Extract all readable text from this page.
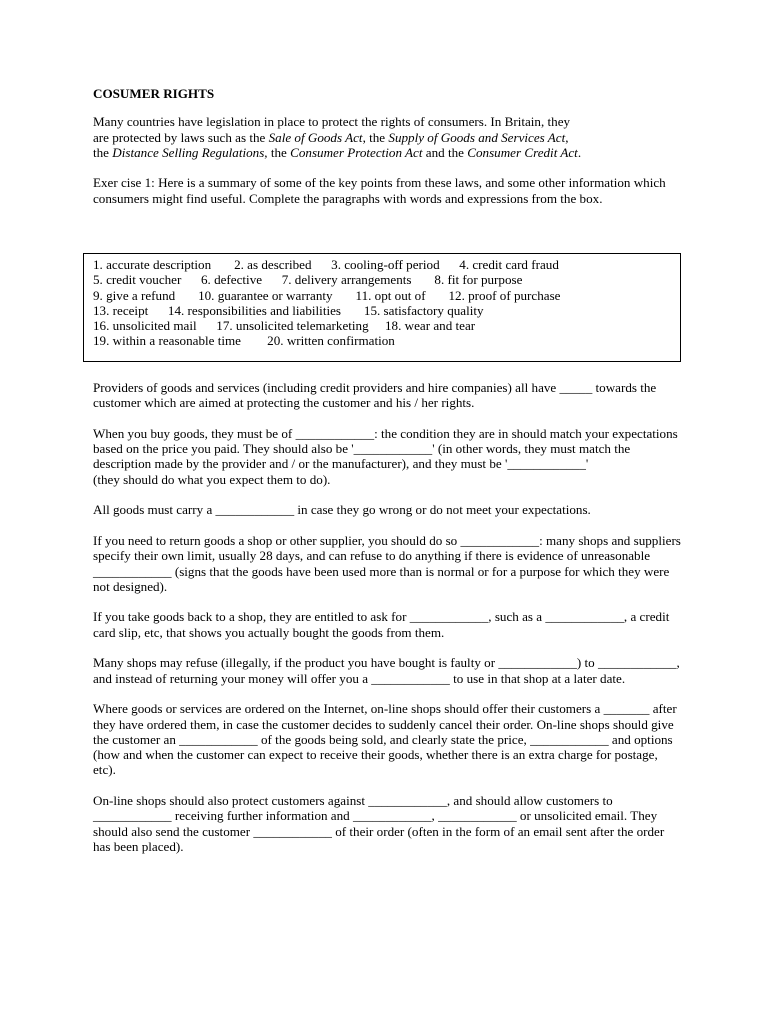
COSUMER RIGHTS

Many countries have legislation in place to protect the rights of consumers. In Britain, they
are protected by laws such as the Sale of Goods Act, the Supply of Goods and Services Act,
the Distance Selling Regulations, the Consumer Protection Act and the Consumer Credit Act.

Exer cise 1: Here is a summary of some of the key points from these laws, and some other information which consumers might find useful. Complete the paragraphs with words and expressions from the box.

1. accurate description       2. as described      3. cooling-off period      4. credit card fraud
5. credit voucher      6. defective      7. delivery arrangements       8. fit for purpose
9. give a refund       10. guarantee or warranty       11. opt out of       12. proof of purchase
13. receipt      14. responsibilities and liabilities       15. satisfactory quality
16. unsolicited mail      17. unsolicited telemarketing     18. wear and tear
19. within a reasonable time        20. written confirmation

Providers of goods and services (including credit providers and hire companies) all have _____ towards the customer which are aimed at protecting the customer and his / her rights.

When you buy goods, they must be of ____________: the condition they are in should match your expectations based on the price you paid. They should also be '____________' (in other words, they must match the description made by the provider and / or the manufacturer), and they must be '____________'
(they should do what you expect them to do).

All goods must carry a ____________ in case they go wrong or do not meet your expectations.

If you need to return goods a shop or other supplier, you should do so ____________: many shops and suppliers specify their own limit, usually 28 days, and can refuse to do anything if there is evidence of unreasonable ____________ (signs that the goods have been used more than is normal or for a purpose for which they were not designed).

If you take goods back to a shop, they are entitled to ask for ____________, such as a ____________, a credit card slip, etc, that shows you actually bought the goods from them.

Many shops may refuse (illegally, if the product you have bought is faulty or ____________) to ____________, and instead of returning your money will offer you a ____________ to use in that shop at a later date.

Where goods or services are ordered on the Internet, on-line shops should offer their customers a _______ after they have ordered them, in case the customer decides to suddenly cancel their order. On-line shops should give the customer an ____________ of the goods being sold, and clearly state the price, ____________ and options (how and when the customer can expect to receive their goods, whether there is an extra charge for postage, etc).

On-line shops should also protect customers against ____________, and should allow customers to ____________ receiving further information and ____________, ____________ or unsolicited email. They should also send the customer ____________ of their order (often in the form of an email sent after the order has been placed).
